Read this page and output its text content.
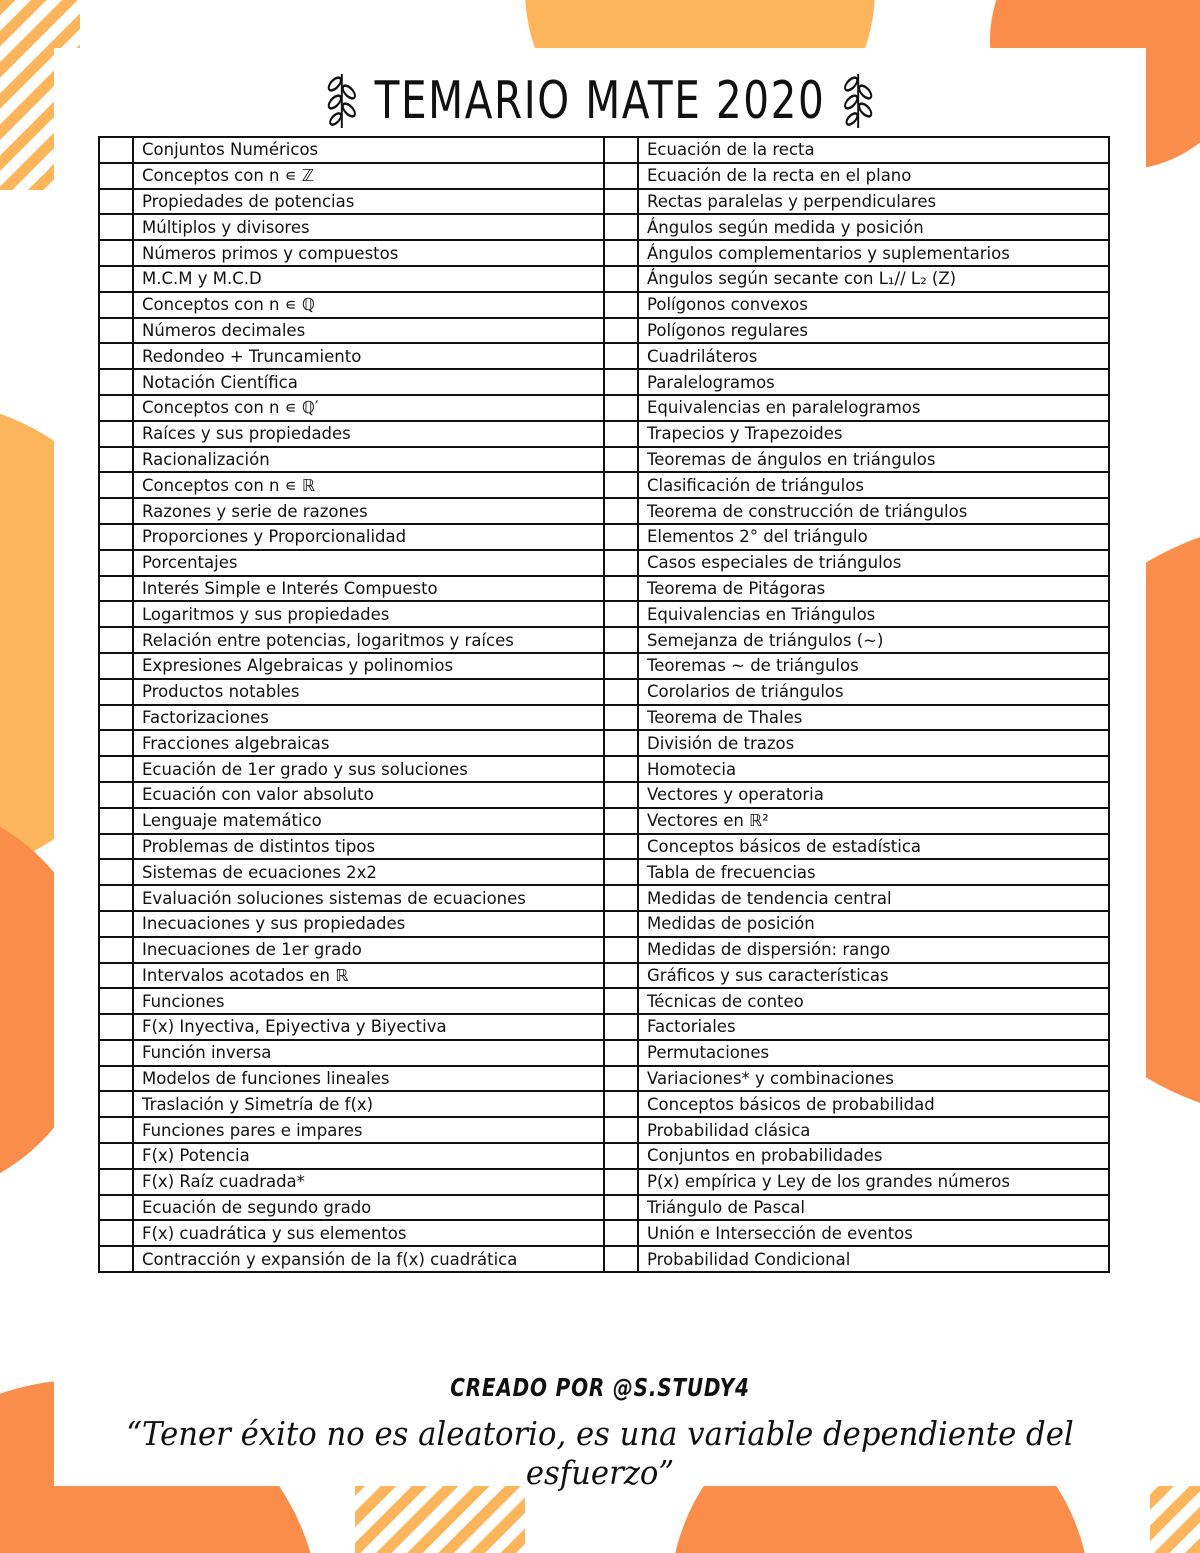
TEMARIO MATE 2020
	Conjuntos Numéricos		Ecuación de la recta
	Conceptos con n ∊ ℤ		Ecuación de la recta en el plano
	Propiedades de potencias		Rectas paralelas y perpendiculares
	Múltiplos y divisores		Ángulos según medida y posición
	Números primos y compuestos		Ángulos complementarios y suplementarios
	M.C.M y M.C.D		Ángulos según secante con L₁// L₂ (Z)
	Conceptos con n ∊ ℚ		Polígonos convexos
	Números decimales		Polígonos regulares
	Redondeo + Truncamiento		Cuadriláteros
	Notación Científica		Paralelogramos
	Conceptos con n ∊ ℚ′		Equivalencias en paralelogramos
	Raíces y sus propiedades		Trapecios y Trapezoides
	Racionalización		Teoremas de ángulos en triángulos
	Conceptos con n ∊ ℝ		Clasificación de triángulos
	Razones y serie de razones		Teorema de construcción de triángulos
	Proporciones y Proporcionalidad		Elementos 2° del triángulo
	Porcentajes		Casos especiales de triángulos
	Interés Simple e Interés Compuesto		Teorema de Pitágoras
	Logaritmos y sus propiedades		Equivalencias en Triángulos
	Relación entre potencias, logaritmos y raíces		Semejanza de triángulos (~)
	Expresiones Algebraicas y polinomios		Teoremas ~ de triángulos
	Productos notables		Corolarios de triángulos
	Factorizaciones		Teorema de Thales
	Fracciones algebraicas		División de trazos
	Ecuación de 1er grado y sus soluciones		Homotecia
	Ecuación con valor absoluto		Vectores y operatoria
	Lenguaje matemático		Vectores en ℝ²
	Problemas de distintos tipos		Conceptos básicos de estadística
	Sistemas de ecuaciones 2x2		Tabla de frecuencias
	Evaluación soluciones sistemas de ecuaciones		Medidas de tendencia central
	Inecuaciones y sus propiedades		Medidas de posición
	Inecuaciones de 1er grado		Medidas de dispersión: rango
	Intervalos acotados en ℝ		Gráficos y sus características
	Funciones		Técnicas de conteo
	F(x) Inyectiva, Epiyectiva y Biyectiva		Factoriales
	Función inversa		Permutaciones
	Modelos de funciones lineales		Variaciones* y combinaciones
	Traslación y Simetría de f(x)		Conceptos básicos de probabilidad
	Funciones pares e impares		Probabilidad clásica
	F(x) Potencia		Conjuntos en probabilidades
	F(x) Raíz cuadrada*		P(x) empírica y Ley de los grandes números
	Ecuación de segundo grado		Triángulo de Pascal
	F(x) cuadrática y sus elementos		Unión e Intersección de eventos
	Contracción y expansión de la f(x) cuadrática		Probabilidad Condicional
CREADO POR @S.STUDY4
“Tener éxito no es aleatorio, es una variable dependiente del esfuerzo”
